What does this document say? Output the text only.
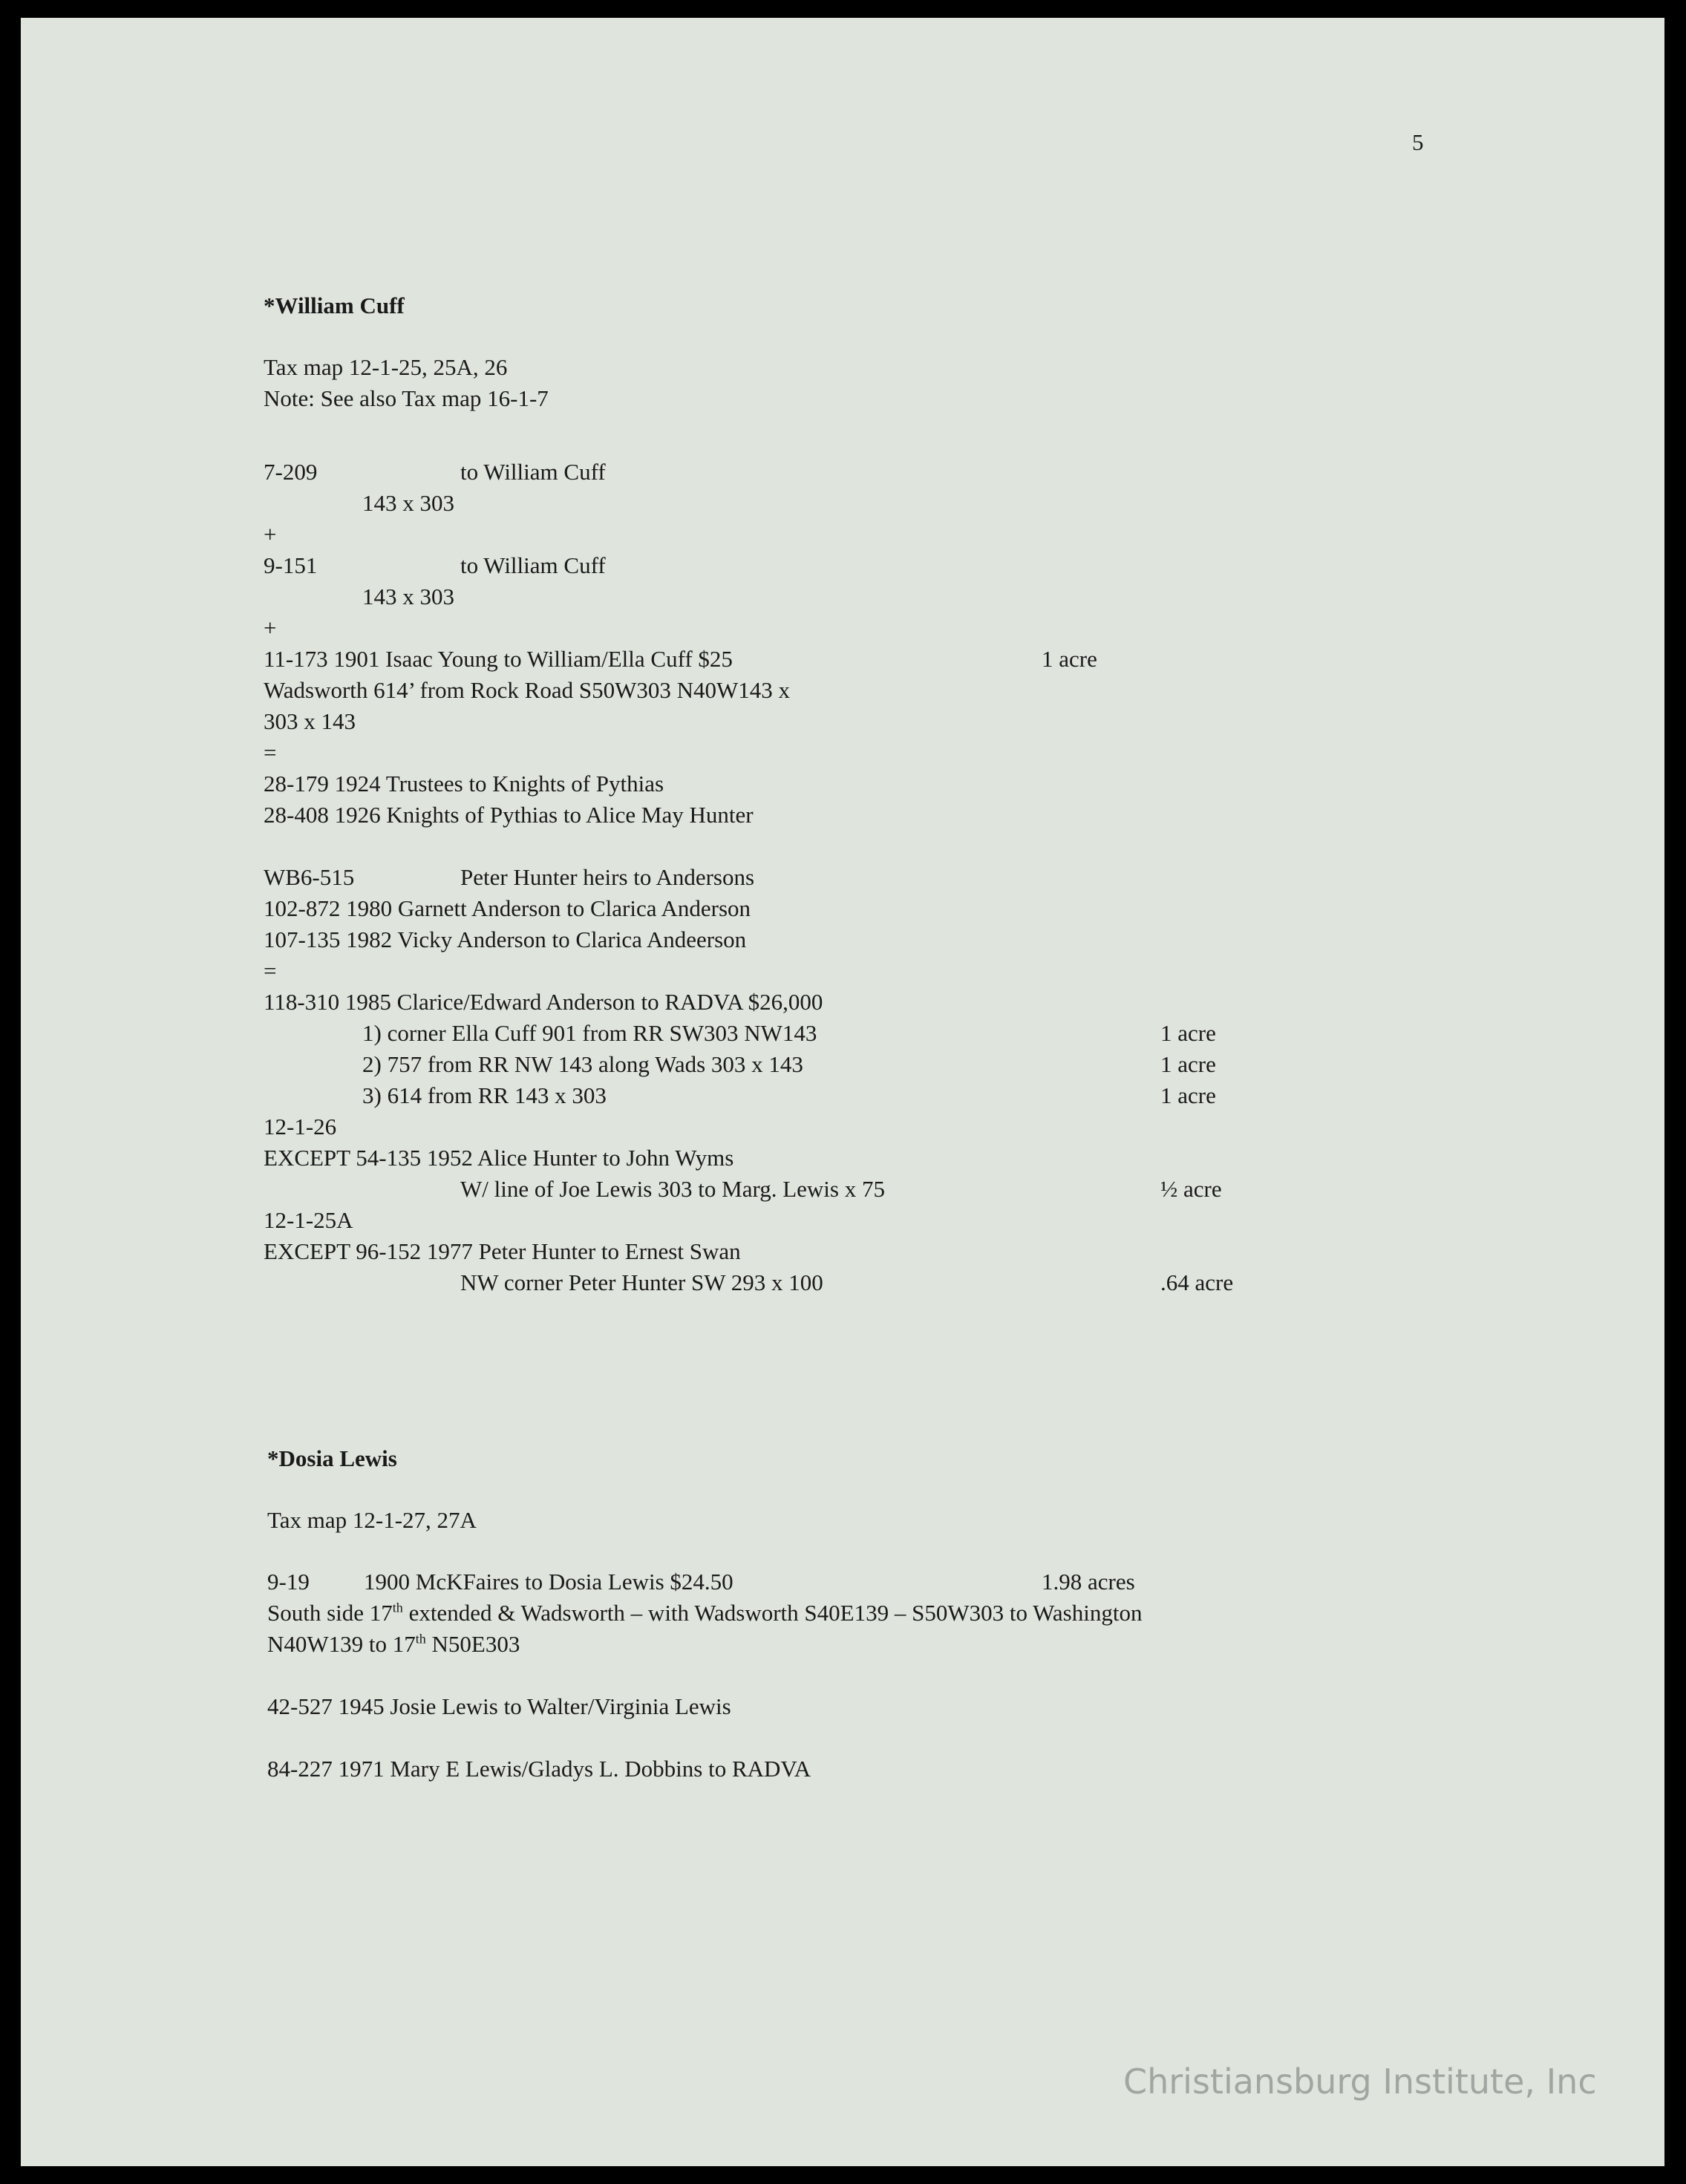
5
*William Cuff
Tax map 12-1-25, 25A, 26
Note: See also Tax map 16-1-7
7-209	to William Cuff
143 x 303
+
9-151	to William Cuff
143 x 303
+
11-173 1901 Isaac Young to William/Ella Cuff $25	1 acre
Wadsworth 614’ from Rock Road S50W303 N40W143 x
303 x 143
=
28-179 1924 Trustees to Knights of Pythias
28-408 1926 Knights of Pythias to Alice May Hunter
WB6-515	Peter Hunter heirs to Andersons
102-872 1980 Garnett Anderson to Clarica Anderson
107-135 1982 Vicky Anderson to Clarica Andeerson
=
118-310 1985 Clarice/Edward Anderson to RADVA $26,000
1) corner Ella Cuff 901 from RR SW303 NW143	1 acre
2) 757 from RR NW 143 along Wads 303 x 143	1 acre
3) 614 from RR 143 x 303	1 acre
12-1-26
EXCEPT 54-135 1952 Alice Hunter to John Wyms
W/ line of Joe Lewis 303 to Marg. Lewis x 75	½ acre
12-1-25A
EXCEPT 96-152 1977 Peter Hunter to Ernest Swan
NW corner Peter Hunter SW 293 x 100	.64 acre
*Dosia Lewis
Tax map 12-1-27, 27A
9-19 1900 McKFaires to Dosia Lewis $24.50	1.98 acres
South side 17th extended & Wadsworth – with Wadsworth S40E139 – S50W303 to Washington
N40W139 to 17th N50E303
42-527 1945 Josie Lewis to Walter/Virginia Lewis
84-227 1971 Mary E Lewis/Gladys L. Dobbins to RADVA
Christiansburg Institute, Inc
